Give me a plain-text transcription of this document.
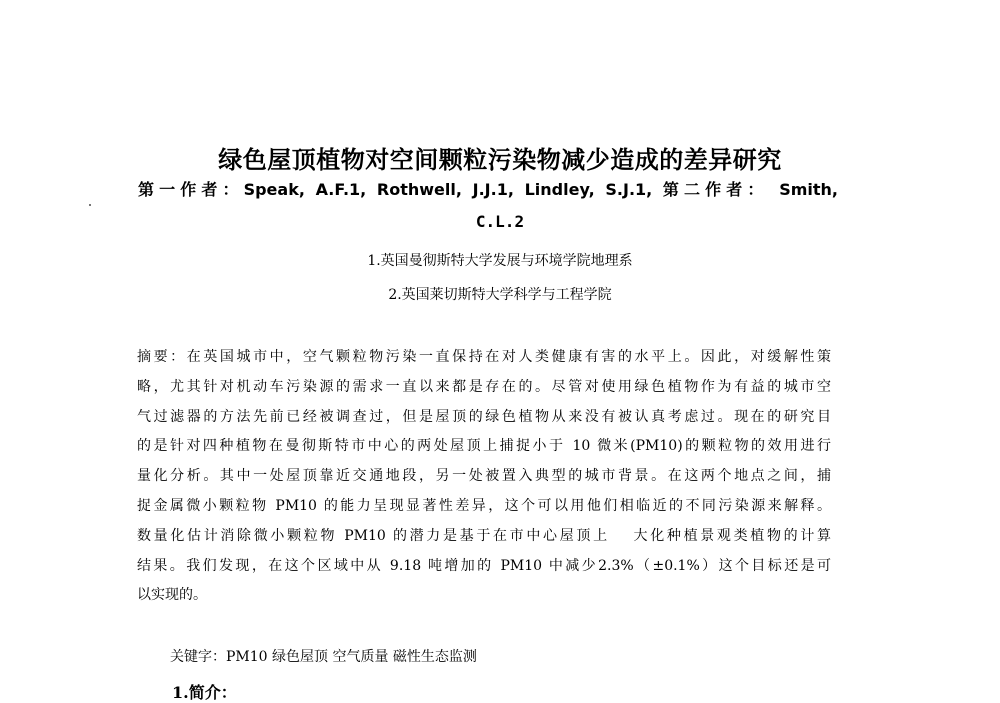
绿色屋顶植物对空间颗粒污染物减少造成的差异研究
第一作者：Speak, A.F.1, Rothwell, J.J.1, Lindley, S.J.1, 第二作者： Smith,
C.L.2
1.英国曼彻斯特大学发展与环境学院地理系
2.英国莱切斯特大学科学与工程学院
摘要：在英国城市中，空气颗粒物污染一直保持在对人类健康有害的水平上。因此，对缓解性策
略，尤其针对机动车污染源的需求一直以来都是存在的。尽管对使用绿色植物作为有益的城市空
气过滤器的方法先前已经被调查过，但是屋顶的绿色植物从来没有被认真考虑过。现在的研究目
的是针对四种植物在曼彻斯特市中心的两处屋顶上捕捉小于 10 微米(PM10)的颗粒物的效用进行
量化分析。其中一处屋顶靠近交通地段，另一处被置入典型的城市背景。在这两个地点之间，捕
捉金属微小颗粒物 PM10 的能力呈现显著性差异，这个可以用他们相临近的不同污染源来解释。
数量化估计消除微小颗粒物 PM10 的潜力是基于在市中心屋顶上　 大化种植景观类植物的计算
结果。我们发现，在这个区域中从 9.18 吨增加的 PM10 中减少2.3%（±0.1%）这个目标还是可
以实现的。
关键字：PM10 绿色屋顶 空气质量 磁性生态监测
1.简介：
